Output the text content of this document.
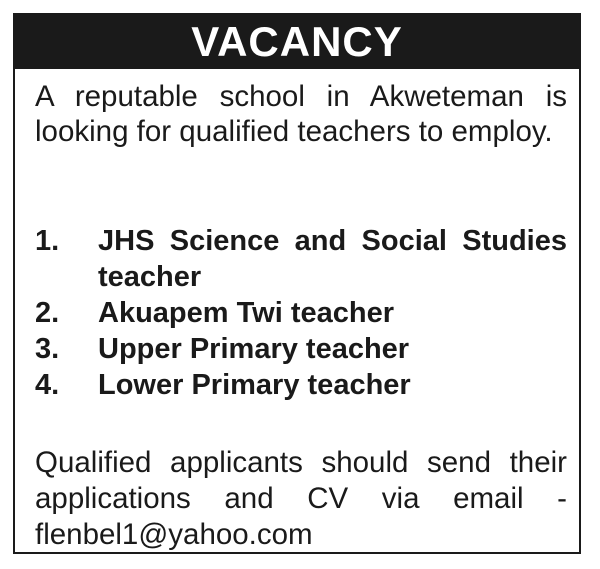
VACANCY

A reputable school in Akweteman is looking for qualified teachers to employ.

1.	JHS Science and Social Studies teacher
2.	Akuapem Twi teacher
3.	Upper Primary teacher
4.	Lower Primary teacher

Qualified applicants should send their applications and CV via email - flenbel1@yahoo.com
